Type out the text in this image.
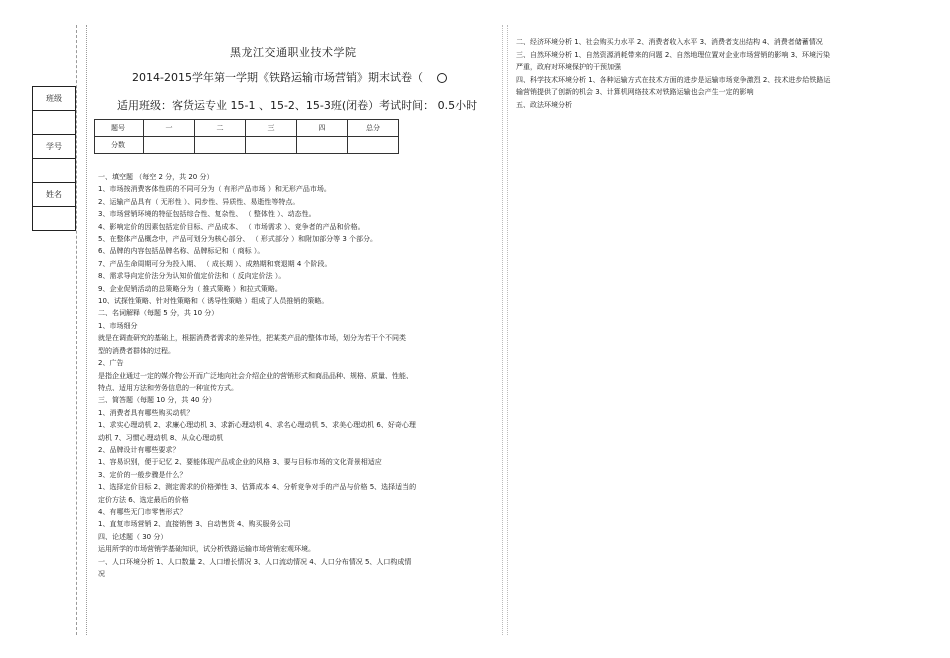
班级

学号

姓名

黑龙江交通职业技术学院
2014-2015学年第一学期《铁路运输市场营销》期末试卷（
适用班级：客货运专业 15-1 、15-2、15-3班(闭卷）考试时间： 0.5小时
题号	一	二	三	四	总分
分数					

一、填空题 （每空 2 分，共 20 分）

1、市场按消费客体性质的不同可分为（ 有形产品市场 ）和无形产品市场。

2、运输产品具有（ 无形性 ）、同步性、异质性、易逝性等特点。

3、市场营销环境的特征包括综合性、复杂性、 （ 整体性 ）、动态性。

4、影响定价的因素包括定价目标、产品成本、 （ 市场需求 ）、竞争者的产品和价格。

5、在整体产品概念中，产品可划分为核心部分、 （ 形式部分 ）和附加部分等 3 个部分。

6、品牌的内容包括品牌名称、品牌标记和（ 商标 ）。

7、产品生命周期可分为投入期、 （ 成长期 ）、成熟期和衰退期 4 个阶段。

8、需求导向定价法分为认知价值定价法和（ 反向定价法 ）。

9、企业促销活动的总策略分为（ 推式策略 ）和拉式策略。

10、试探性策略、针对性策略和（ 诱导性策略 ）组成了人员推销的策略。

二、名词解释（每题 5 分，共 10 分）

1、市场细分

就是在调查研究的基础上，根据消费者需求的差异性，把某类产品的整体市场，划分为若干个不同类

型的消费者群体的过程。

2、广告

是指企业通过一定的媒介物公开而广泛地向社会介绍企业的营销形式和商品品种、规格、质量、性能、

特点、适用方法和劳务信息的一种宣传方式。

三、简答题（每题 10 分，共 40 分）

1、消费者具有哪些购买动机？

1、求实心理动机 2、求廉心理动机 3、求新心理动机 4、求名心理动机 5、求美心理动机 6、好奇心理

动机 7、习惯心理动机 8、从众心理动机

2、品牌设计有哪些要求？

1、容易识别，便于记忆 2、要能体现产品或企业的风格 3、要与目标市场的文化背景相适应

3、定价的一般步骤是什么？

1、选择定价目标 2、测定需求的价格弹性 3、估算成本 4、分析竞争对手的产品与价格 5、选择适当的

定价方法 6、选定最后的价格

4、有哪些无门市零售形式？

1、直复市场营销 2、直接销售 3、自动售货 4、购买服务公司

四、论述题（ 30 分）

运用所学的市场营销学基础知识，试分析铁路运输市场营销宏观环境。

一、人口环境分析 1、人口数量 2、人口增长情况 3、人口流动情况 4、人口分布情况 5、人口构成情

况

二、经济环境分析 1、社会购买力水平 2、消费者收入水平 3、消费者支出结构 4、消费者储蓄情况

三、自然环境分析 1、自然资源消耗带来的问题 2、自然地理位置对企业市场营销的影响 3、环境污染

严重，政府对环境保护的干预加强

四、科学技术环境分析 1、各种运输方式在技术方面的进步是运输市场竞争激烈 2、技术进步给铁路运

输营销提供了创新的机会 3、计算机网络技术对铁路运输也会产生一定的影响

五、政法环境分析
